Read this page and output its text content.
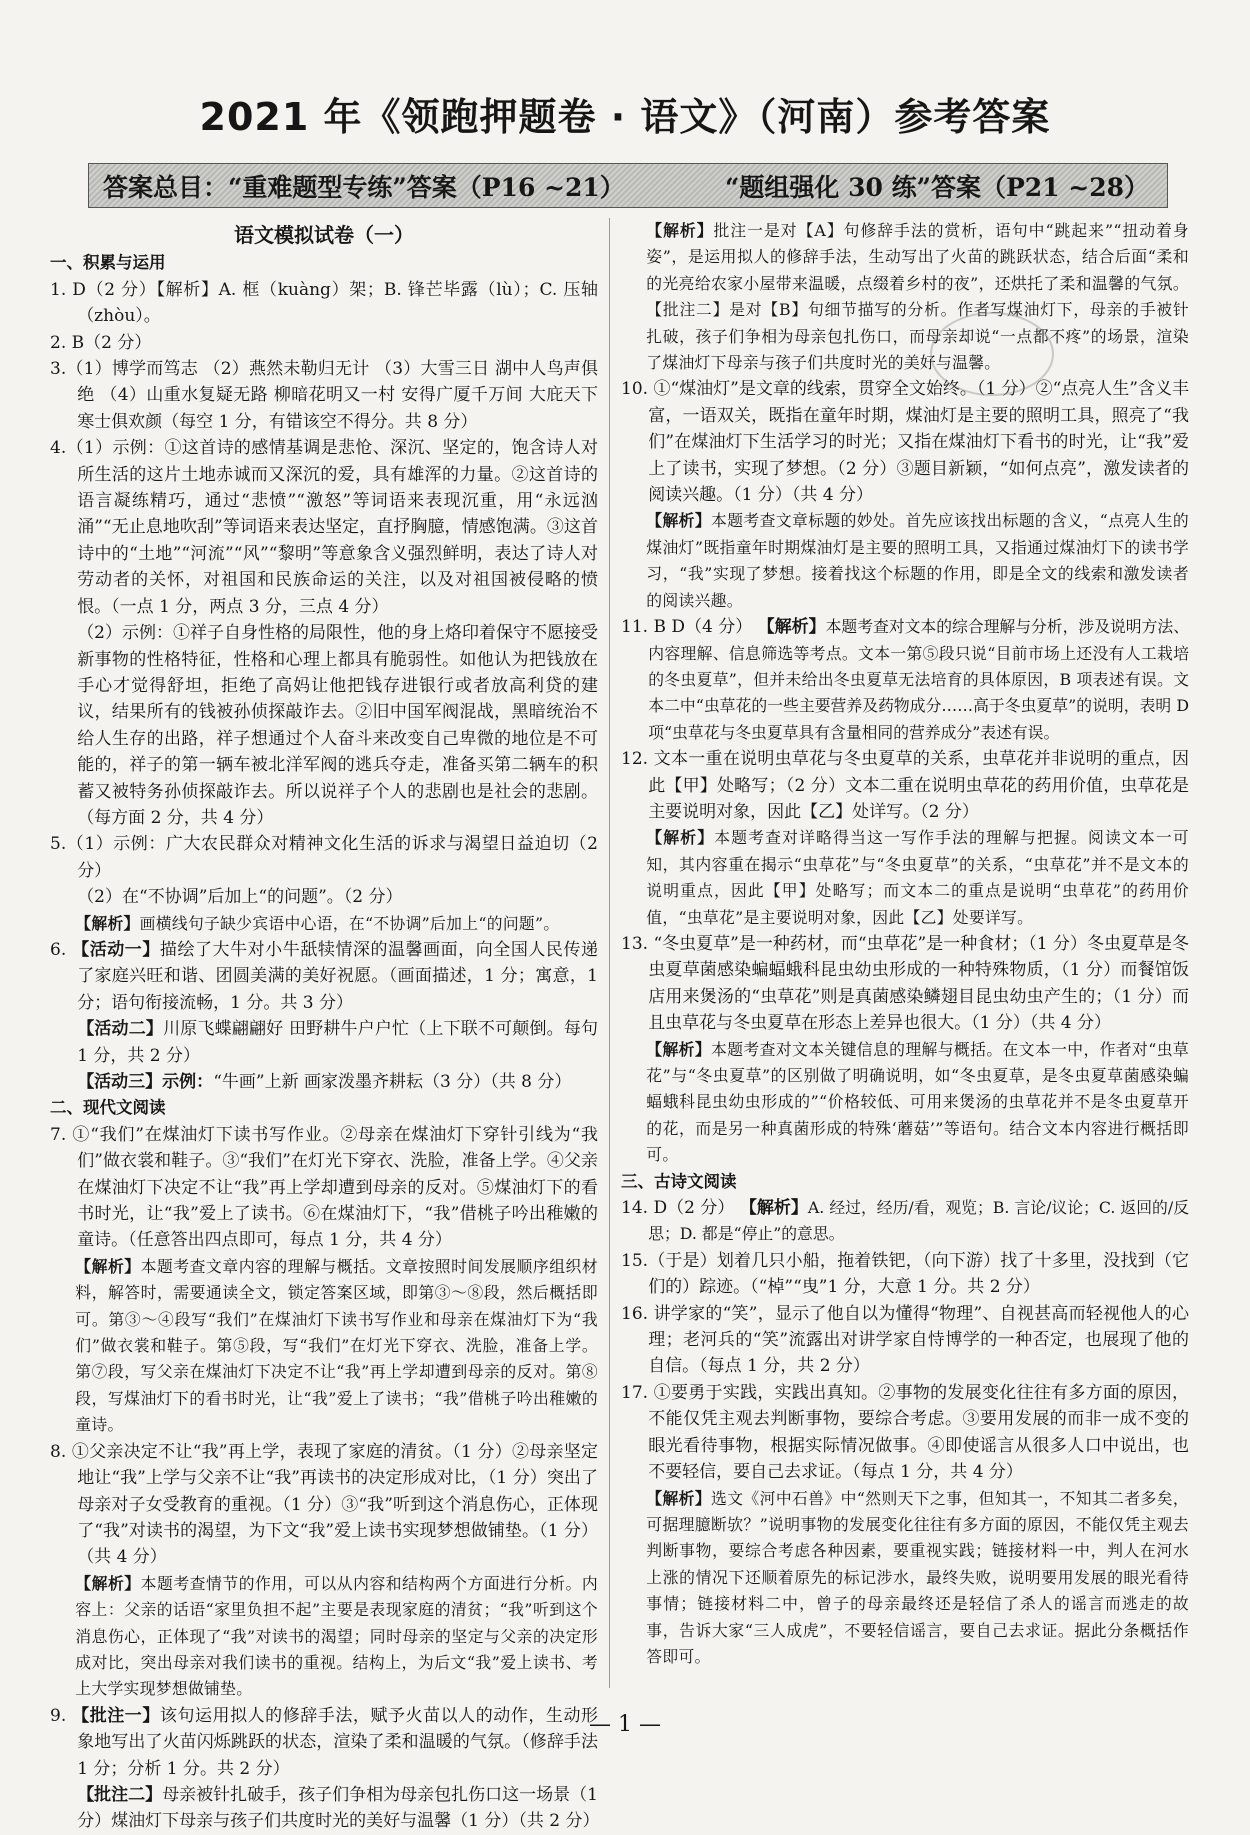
2021 年《领跑押题卷 · 语文》（河南）参考答案
答案总目：“重难题型专练”答案（P16 ~21）	“题组强化 30 练”答案（P21 ~28）

语文模拟试卷（一）

一、积累与运用

1. D（2 分）【解析】A. 框（kuàng）架；B. 锋芒毕露（lù）；C. 压轴（zhòu）。

2. B（2 分）

3.（1）博学而笃志 （2）燕然未勒归无计 （3）大雪三日 湖中人鸟声俱绝 （4）山重水复疑无路 柳暗花明又一村 安得广厦千万间 大庇天下寒士俱欢颜（每空 1 分，有错该空不得分。共 8 分）

4.（1）示例：①这首诗的感情基调是悲怆、深沉、坚定的，饱含诗人对所生活的这片土地赤诚而又深沉的爱，具有雄浑的力量。②这首诗的语言凝练精巧，通过“悲愤”“激怒”等词语来表现沉重，用“永远汹涌”“无止息地吹刮”等词语来表达坚定，直抒胸臆，情感饱满。③这首诗中的“土地”“河流”“风”“黎明”等意象含义强烈鲜明，表达了诗人对劳动者的关怀，对祖国和民族命运的关注，以及对祖国被侵略的愤恨。（一点 1 分，两点 3 分，三点 4 分）

（2）示例：①祥子自身性格的局限性，他的身上烙印着保守不愿接受新事物的性格特征，性格和心理上都具有脆弱性。如他认为把钱放在手心才觉得舒坦，拒绝了高妈让他把钱存进银行或者放高利贷的建议，结果所有的钱被孙侦探敲诈去。②旧中国军阀混战，黑暗统治不给人生存的出路，祥子想通过个人奋斗来改变自己卑微的地位是不可能的，祥子的第一辆车被北洋军阀的逃兵夺走，准备买第二辆车的积蓄又被特务孙侦探敲诈去。所以说祥子个人的悲剧也是社会的悲剧。（每方面 2 分，共 4 分）

5.（1）示例：广大农民群众对精神文化生活的诉求与渴望日益迫切（2 分）

（2）在“不协调”后加上“的问题”。（2 分）

【解析】画横线句子缺少宾语中心语，在“不协调”后加上“的问题”。

6. 【活动一】描绘了大牛对小牛舐犊情深的温馨画面，向全国人民传递了家庭兴旺和谐、团圆美满的美好祝愿。（画面描述，1 分；寓意，1 分；语句衔接流畅，1 分。共 3 分）

【活动二】川原飞蝶翩翩好 田野耕牛户户忙（上下联不可颠倒。每句 1 分，共 2 分）

【活动三】示例：“牛画”上新 画家泼墨齐耕耘（3 分）（共 8 分）

二、现代文阅读

7. ①“我们”在煤油灯下读书写作业。②母亲在煤油灯下穿针引线为“我们”做衣裳和鞋子。③“我们”在灯光下穿衣、洗脸，准备上学。④父亲在煤油灯下决定不让“我”再上学却遭到母亲的反对。⑤煤油灯下的看书时光，让“我”爱上了读书。⑥在煤油灯下，“我”借桃子吟出稚嫩的童诗。（任意答出四点即可，每点 1 分，共 4 分）

【解析】本题考查文章内容的理解与概括。文章按照时间发展顺序组织材料，解答时，需要通读全文，锁定答案区域，即第③～⑧段，然后概括即可。第③～④段写“我们”在煤油灯下读书写作业和母亲在煤油灯下为“我们”做衣裳和鞋子。第⑤段，写“我们”在灯光下穿衣、洗脸，准备上学。第⑦段，写父亲在煤油灯下决定不让“我”再上学却遭到母亲的反对。第⑧段，写煤油灯下的看书时光，让“我”爱上了读书；“我”借桃子吟出稚嫩的童诗。

8. ①父亲决定不让“我”再上学，表现了家庭的清贫。（1 分）②母亲坚定地让“我”上学与父亲不让“我”再读书的决定形成对比，（1 分）突出了母亲对子女受教育的重视。（1 分）③“我”听到这个消息伤心，正体现了“我”对读书的渴望，为下文“我”爱上读书实现梦想做铺垫。（1 分）（共 4 分）

【解析】本题考查情节的作用，可以从内容和结构两个方面进行分析。内容上：父亲的话语“家里负担不起”主要是表现家庭的清贫；“我”听到这个消息伤心，正体现了“我”对读书的渴望；同时母亲的坚定与父亲的决定形成对比，突出母亲对我们读书的重视。结构上，为后文“我”爱上读书、考上大学实现梦想做铺垫。

9. 【批注一】该句运用拟人的修辞手法，赋予火苗以人的动作，生动形象地写出了火苗闪烁跳跃的状态，渲染了柔和温暖的气氛。（修辞手法 1 分；分析 1 分。共 2 分）

【批注二】母亲被针扎破手，孩子们争相为母亲包扎伤口这一场景（1 分）煤油灯下母亲与孩子们共度时光的美好与温馨（1 分）（共 2 分）

【解析】批注一是对【A】句修辞手法的赏析，语句中“跳起来”“扭动着身姿”，是运用拟人的修辞手法，生动写出了火苗的跳跃状态，结合后面“柔和的光亮给农家小屋带来温暖，点缀着乡村的夜”，还烘托了柔和温馨的气氛。【批注二】是对【B】句细节描写的分析。作者写煤油灯下，母亲的手被针扎破，孩子们争相为母亲包扎伤口，而母亲却说“一点都不疼”的场景，渲染了煤油灯下母亲与孩子们共度时光的美好与温馨。

10. ①“煤油灯”是文章的线索，贯穿全文始终。（1 分）②“点亮人生”含义丰富，一语双关，既指在童年时期，煤油灯是主要的照明工具，照亮了“我们”在煤油灯下生活学习的时光；又指在煤油灯下看书的时光，让“我”爱上了读书，实现了梦想。（2 分）③题目新颖，“如何点亮”，激发读者的阅读兴趣。（1 分）（共 4 分）

【解析】本题考查文章标题的妙处。首先应该找出标题的含义，“点亮人生的煤油灯”既指童年时期煤油灯是主要的照明工具，又指通过煤油灯下的读书学习，“我”实现了梦想。接着找这个标题的作用，即是全文的线索和激发读者的阅读兴趣。

11. B D（4 分） 【解析】本题考查对文本的综合理解与分析，涉及说明方法、内容理解、信息筛选等考点。文本一第⑤段只说“目前市场上还没有人工栽培的冬虫夏草”，但并未给出冬虫夏草无法培育的具体原因，B 项表述有误。文本二中“虫草花的一些主要营养及药物成分……高于冬虫夏草”的说明，表明 D 项“虫草花与冬虫夏草具有含量相同的营养成分”表述有误。

12. 文本一重在说明虫草花与冬虫夏草的关系，虫草花并非说明的重点，因此【甲】处略写；（2 分）文本二重在说明虫草花的药用价值，虫草花是主要说明对象，因此【乙】处详写。（2 分）

【解析】本题考查对详略得当这一写作手法的理解与把握。阅读文本一可知，其内容重在揭示“虫草花”与“冬虫夏草”的关系，“虫草花”并不是文本的说明重点，因此【甲】处略写；而文本二的重点是说明“虫草花”的药用价值，“虫草花”是主要说明对象，因此【乙】处要详写。

13. “冬虫夏草”是一种药材，而“虫草花”是一种食材；（1 分）冬虫夏草是冬虫夏草菌感染蝙蝠蛾科昆虫幼虫形成的一种特殊物质，（1 分）而餐馆饭店用来煲汤的“虫草花”则是真菌感染鳞翅目昆虫幼虫产生的；（1 分）而且虫草花与冬虫夏草在形态上差异也很大。（1 分）（共 4 分）

【解析】本题考查对文本关键信息的理解与概括。在文本一中，作者对“虫草花”与“冬虫夏草”的区别做了明确说明，如“冬虫夏草，是冬虫夏草菌感染蝙蝠蛾科昆虫幼虫形成的”“价格较低、可用来煲汤的虫草花并不是冬虫夏草开的花，而是另一种真菌形成的特殊‘蘑菇’”等语句。结合文本内容进行概括即可。

三、古诗文阅读

14. D（2 分） 【解析】A. 经过，经历/看，观览；B. 言论/议论；C. 返回的/反思；D. 都是“停止”的意思。

15.（于是）划着几只小船，拖着铁钯，（向下游）找了十多里，没找到（它们的）踪迹。（“棹”“曳”1 分，大意 1 分。共 2 分）

16. 讲学家的“笑”，显示了他自以为懂得“物理”、自视甚高而轻视他人的心理；老河兵的“笑”流露出对讲学家自恃博学的一种否定，也展现了他的自信。（每点 1 分，共 2 分）

17. ①要勇于实践，实践出真知。②事物的发展变化往往有多方面的原因，不能仅凭主观去判断事物，要综合考虑。③要用发展的而非一成不变的眼光看待事物，根据实际情况做事。④即使谣言从很多人口中说出，也不要轻信，要自己去求证。（每点 1 分，共 4 分）

【解析】选文《河中石兽》中“然则天下之事，但知其一，不知其二者多矣，可据理臆断欤？”说明事物的发展变化往往有多方面的原因，不能仅凭主观去判断事物，要综合考虑各种因素，要重视实践；链接材料一中，判人在河水上涨的情况下还顺着原先的标记涉水，最终失败，说明要用发展的眼光看待事情；链接材料二中，曾子的母亲最终还是轻信了杀人的谣言而逃走的故事，告诉大家“三人成虎”，不要轻信谣言，要自己去求证。据此分条概括作答即可。

— 1 —
